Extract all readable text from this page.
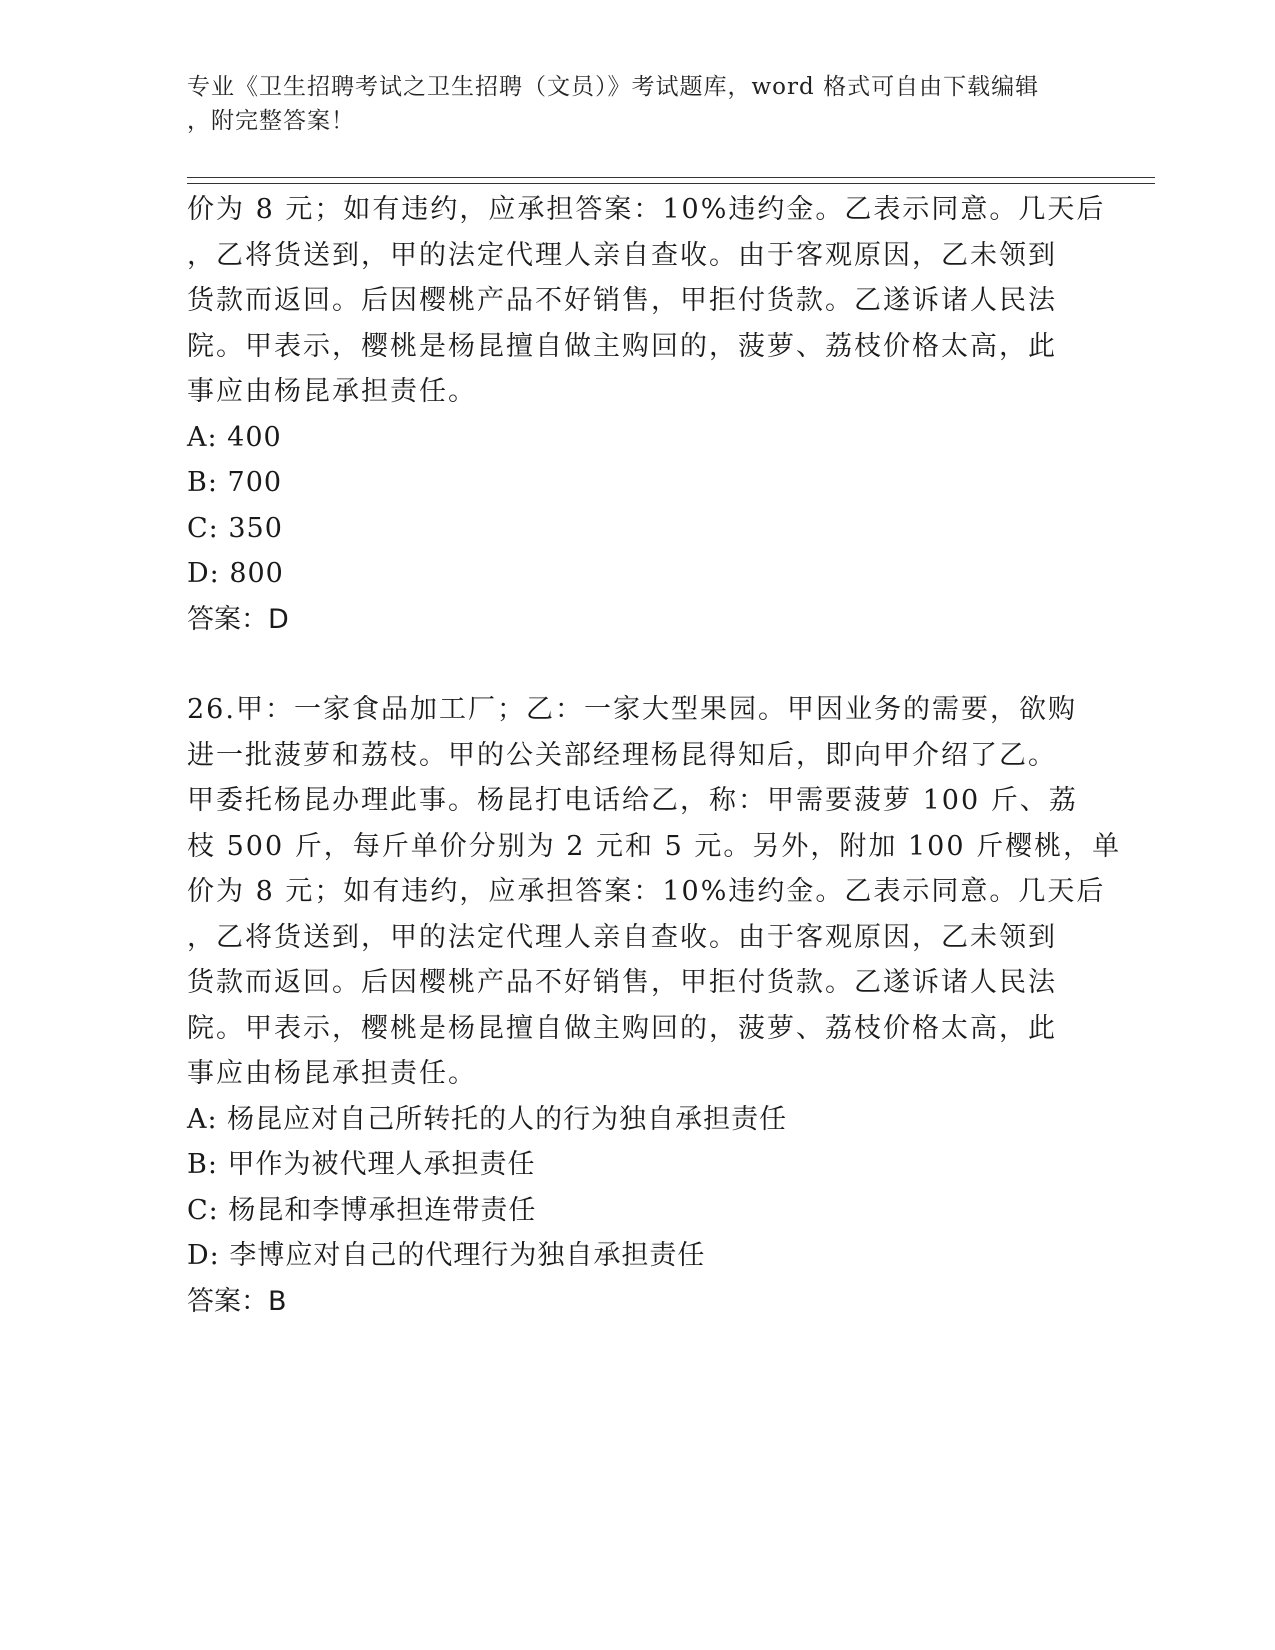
专业《卫生招聘考试之卫生招聘（文员）》考试题库，word 格式可自由下载编辑
，附完整答案！

价为 8 元；如有违约，应承担答案：10%违约金。乙表示同意。几天后
，乙将货送到，甲的法定代理人亲自查收。由于客观原因，乙未领到
货款而返回。后因樱桃产品不好销售，甲拒付货款。乙遂诉诸人民法
院。甲表示，樱桃是杨昆擅自做主购回的，菠萝、荔枝价格太高，此
事应由杨昆承担责任。

A: 400
B: 700
C: 350
D: 800
答案：D

26.甲：一家食品加工厂；乙：一家大型果园。甲因业务的需要，欲购
进一批菠萝和荔枝。甲的公关部经理杨昆得知后，即向甲介绍了乙。
甲委托杨昆办理此事。杨昆打电话给乙，称：甲需要菠萝 100 斤、荔
枝 500 斤，每斤单价分别为 2 元和 5 元。另外，附加 100 斤樱桃，单
价为 8 元；如有违约，应承担答案：10%违约金。乙表示同意。几天后
，乙将货送到，甲的法定代理人亲自查收。由于客观原因，乙未领到
货款而返回。后因樱桃产品不好销售，甲拒付货款。乙遂诉诸人民法
院。甲表示，樱桃是杨昆擅自做主购回的，菠萝、荔枝价格太高，此
事应由杨昆承担责任。

A: 杨昆应对自己所转托的人的行为独自承担责任
B: 甲作为被代理人承担责任
C: 杨昆和李博承担连带责任
D: 李博应对自己的代理行为独自承担责任
答案：B
